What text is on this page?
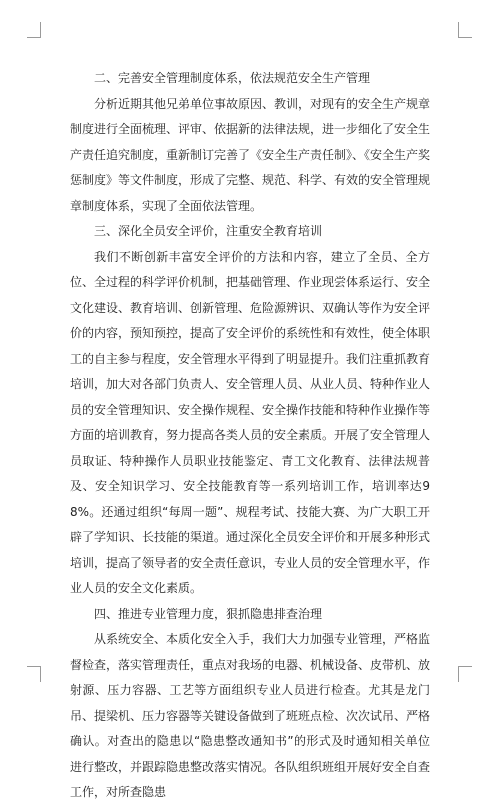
二、完善安全管理制度体系，依法规范安全生产管理

分析近期其他兄弟单位事故原因、教训，对现有的安全生产规章制度进行全面梳理、评审、依据新的法律法规，进一步细化了安全生产责任追究制度，重新制订完善了《安全生产责任制》、《安全生产奖惩制度》等文件制度，形成了完整、规范、科学、有效的安全管理规章制度体系，实现了全面依法管理。

三、深化全员安全评价，注重安全教育培训

我们不断创新丰富安全评价的方法和内容，建立了全员、全方位、全过程的科学评价机制，把基础管理、作业现尝体系运行、安全文化建设、教育培训、创新管理、危险源辨识、双确认等作为安全评价的内容，预知预控，提高了安全评价的系统性和有效性，使全体职工的自主参与程度，安全管理水平得到了明显提升。我们注重抓教育培训，加大对各部门负责人、安全管理人员、从业人员、特种作业人员的安全管理知识、安全操作规程、安全操作技能和特种作业操作等方面的培训教育，努力提高各类人员的安全素质。开展了安全管理人员取证、特种操作人员职业技能鉴定、青工文化教育、法律法规普及、安全知识学习、安全技能教育等一系列培训工作，培训率达98%。还通过组织“每周一题”、规程考试、技能大赛、为广大职工开辟了学知识、长技能的渠道。通过深化全员安全评价和开展多种形式培训，提高了领导者的安全责任意识，专业人员的安全管理水平，作业人员的安全文化素质。

四、推进专业管理力度，狠抓隐患排查治理

从系统安全、本质化安全入手，我们大力加强专业管理，严格监督检查，落实管理责任，重点对我场的电器、机械设备、皮带机、放射源、压力容器、工艺等方面组织专业人员进行检查。尤其是龙门吊、提梁机、压力容器等关键设备做到了班班点检、次次试吊、严格确认。对查出的隐患以“隐患整改通知书”的形式及时通知相关单位进行整改，并跟踪隐患整改落实情况。各队组织班组开展好安全自查工作，对所查隐患
